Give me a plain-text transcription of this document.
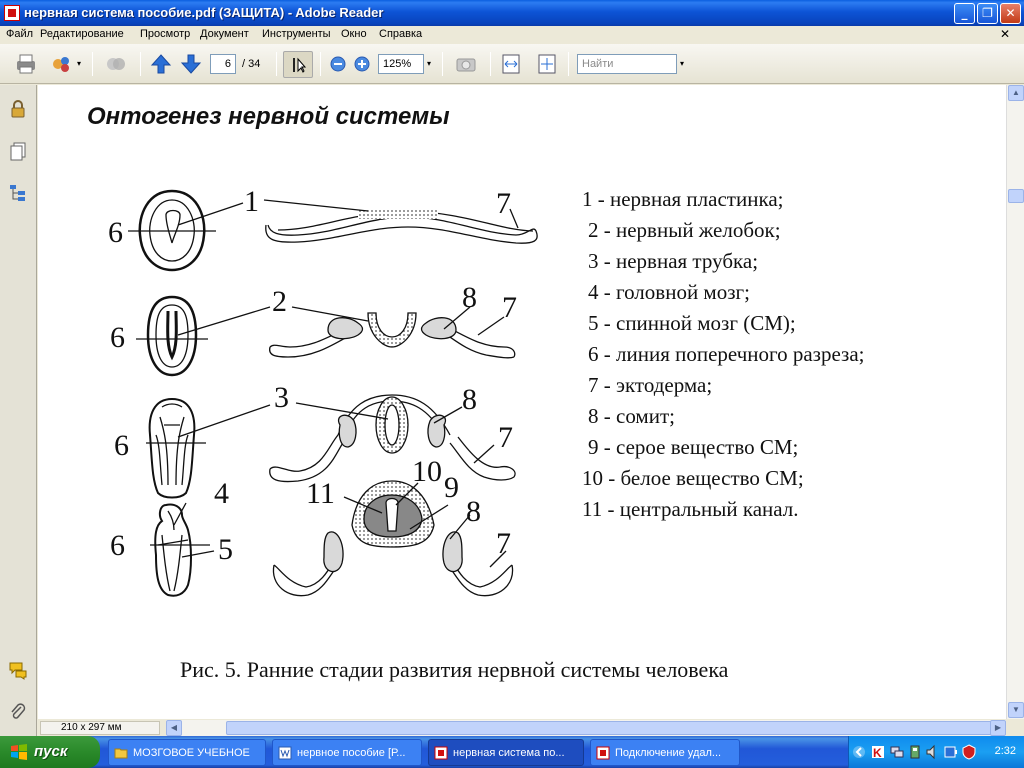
нервная система пособие.pdf (ЗАЩИТА) - Adobe Reader	_	❐	✕
Файл Редактирование Просмотр Документ Инструменты Окно Справка	✕
▾	6	/ 34	125%	▾	Найти	▾
Онтогенез нервной системы
1
6
7
2
6
8 7
3
6
8
7
10
11	9
8
7
4
6	5
1 - нервная пластинка;
2 - нервный желобок;
3 - нервная трубка;
4 - головной мозг;
5 - спинной мозг (СМ);
6 - линия поперечного разреза;
7 - эктодерма;
8 - сомит;
9 - серое вещество СМ;
10 - белое вещество СМ;
11 - центральный канал.
Рис. 5. Ранние стадии развития нервной системы человека
▲
▼
210 x 297 мм	◀	▶
пуск	МОЗГОВОЕ УЧЕБНОЕ	нервное пособие [Р...	нервная система по...	Подключение удал...	K	2:32
